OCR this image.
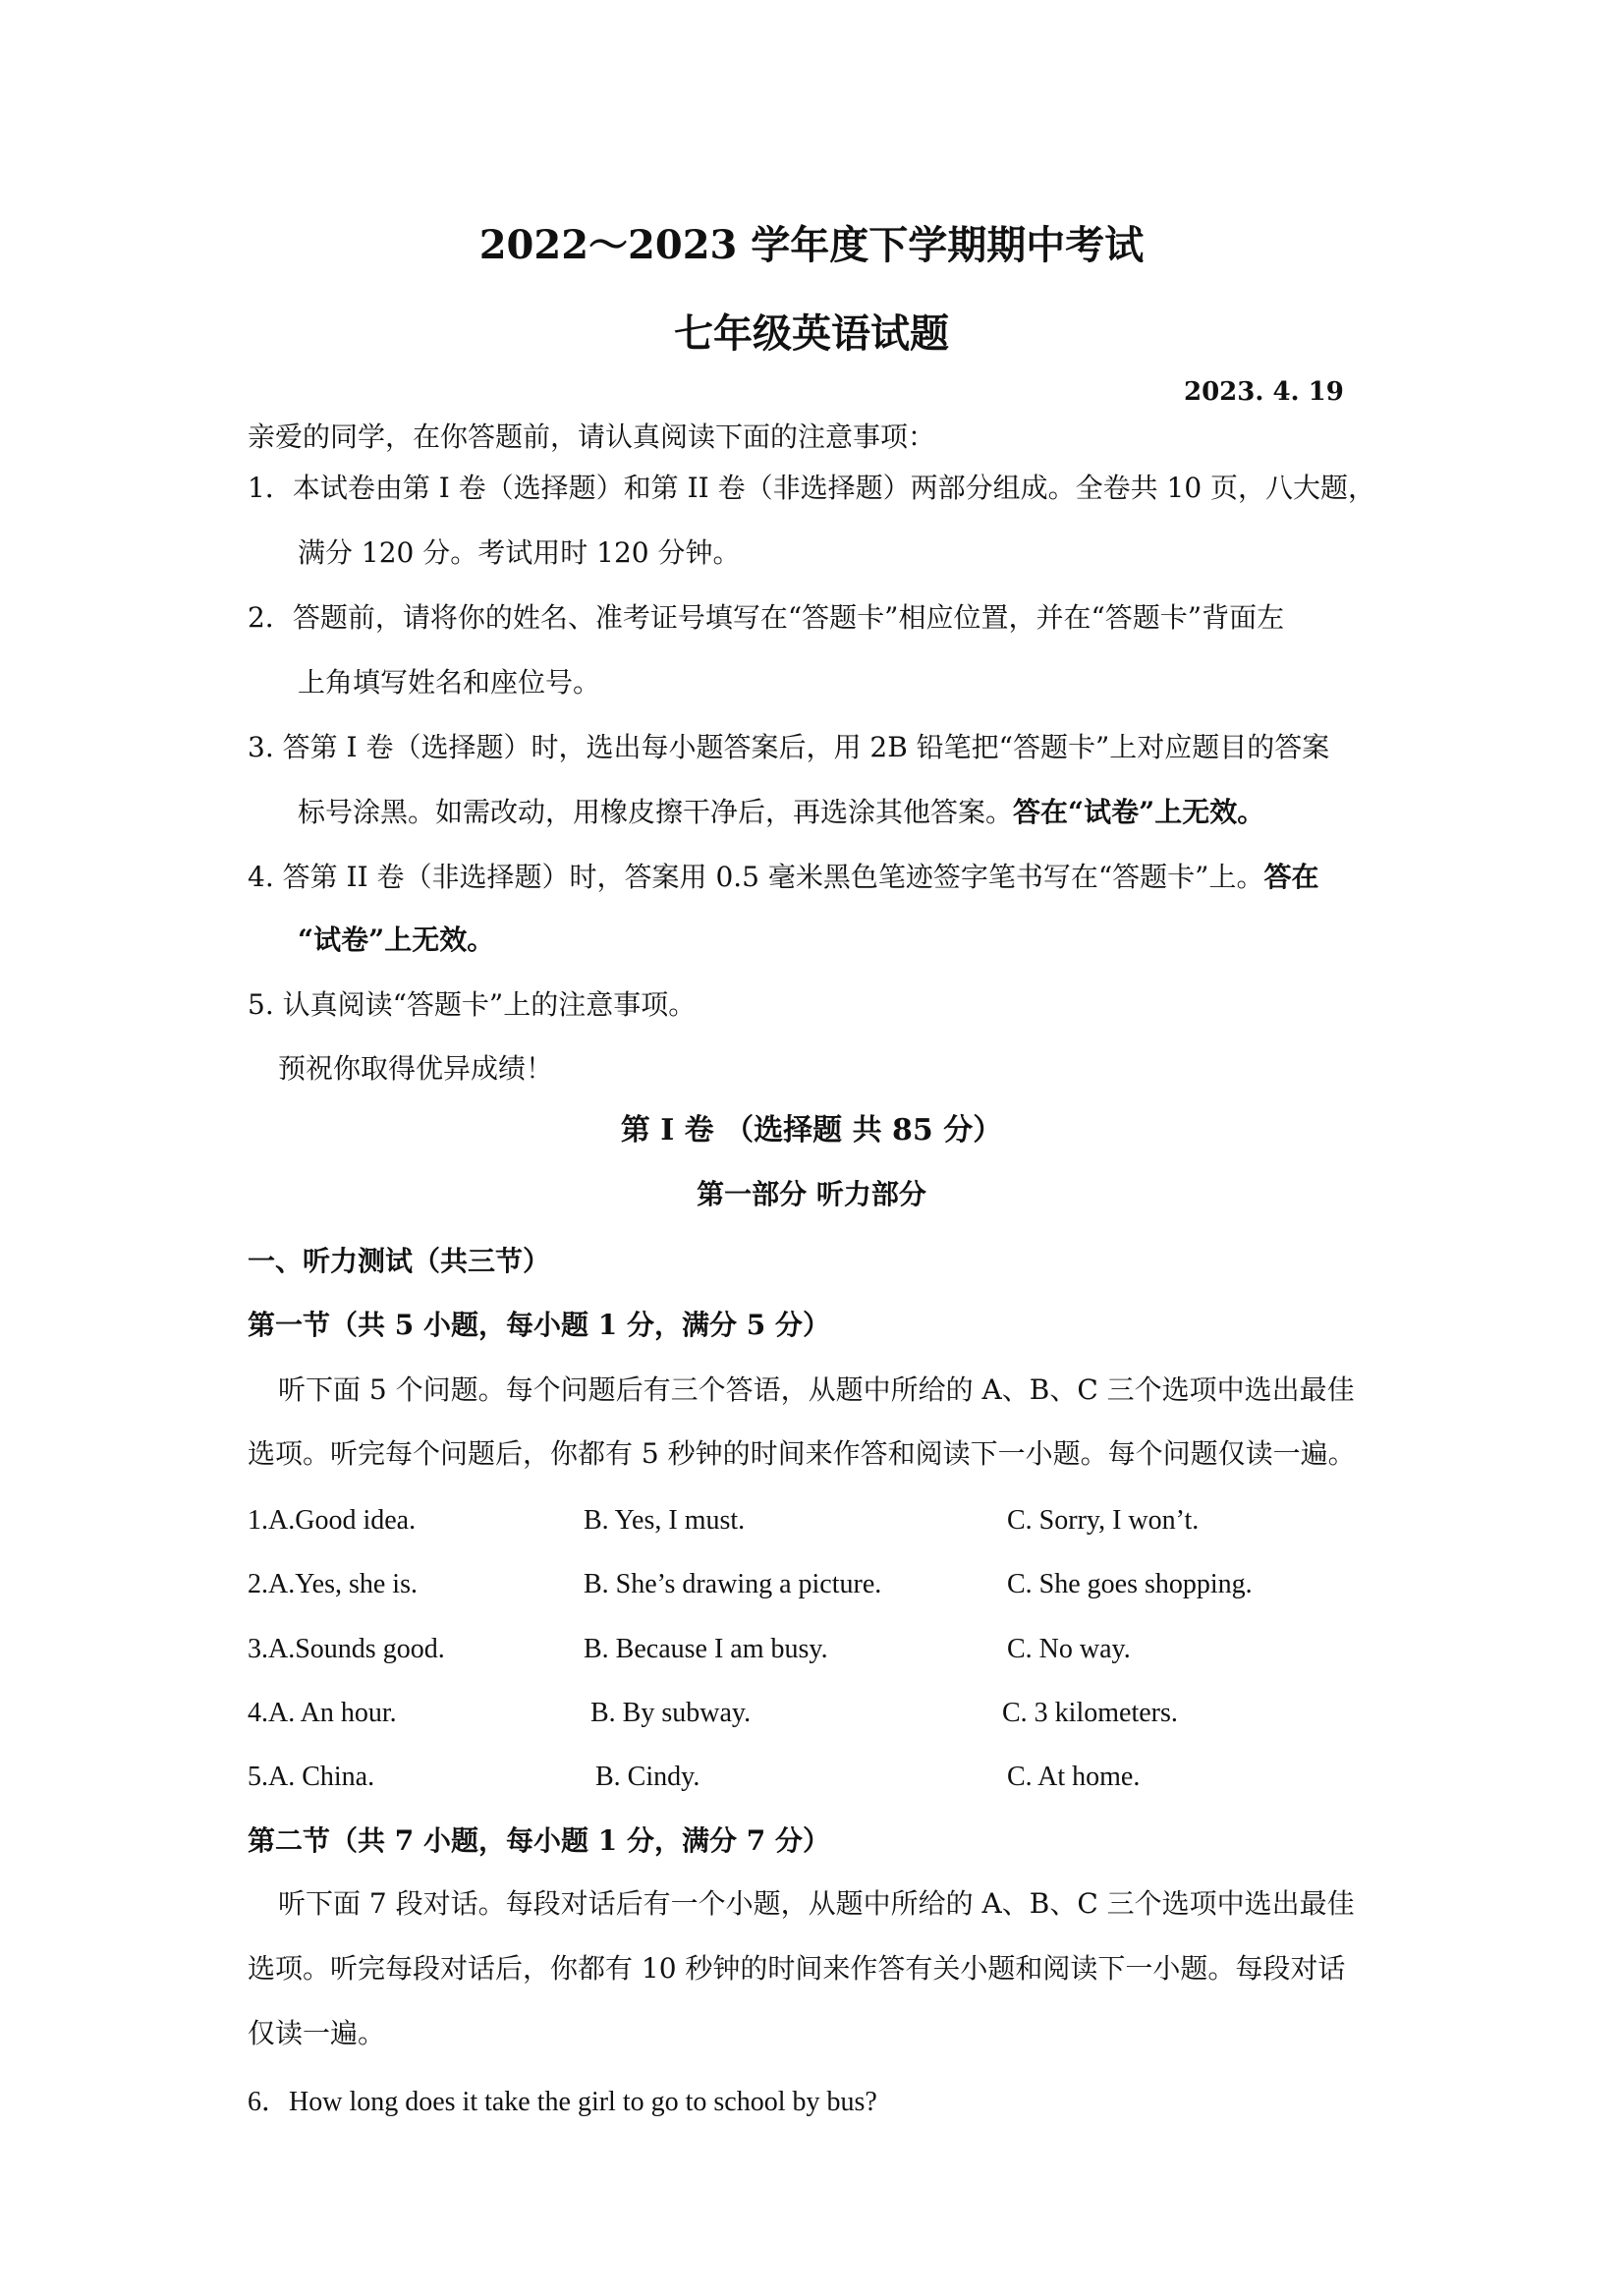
2022～2023 学年度下学期期中考试
七年级英语试题
2023. 4. 19
亲爱的同学，在你答题前，请认真阅读下面的注意事项：
1．本试卷由第 I 卷（选择题）和第 II 卷（非选择题）两部分组成。全卷共 10 页，八大题，
满分 120 分。考试用时 120 分钟。
2．答题前，请将你的姓名、准考证号填写在“答题卡”相应位置，并在“答题卡”背面左
上角填写姓名和座位号。
3. 答第 I 卷（选择题）时，选出每小题答案后，用 2B 铅笔把“答题卡”上对应题目的答案
标号涂黑。如需改动，用橡皮擦干净后，再选涂其他答案。答在“试卷”上无效。
4. 答第 II 卷（非选择题）时，答案用 0.5 毫米黑色笔迹签字笔书写在“答题卡”上。答在
“试卷”上无效。
5. 认真阅读“答题卡”上的注意事项。
预祝你取得优异成绩！
第 I 卷 （选择题 共 85 分）
第一部分 听力部分
一、听力测试（共三节）
第一节（共 5 小题，每小题 1 分，满分 5 分）
听下面 5 个问题。每个问题后有三个答语，从题中所给的 A、B、C 三个选项中选出最佳
选项。听完每个问题后，你都有 5 秒钟的时间来作答和阅读下一小题。每个问题仅读一遍。
1.A.Good idea.	B. Yes, I must.	C. Sorry, I won’t.
2.A.Yes, she is.	B. She’s drawing a picture.	C. She goes shopping.
3.A.Sounds good.	B. Because I am busy.	C. No way.
4.A. An hour.	B. By subway.	C. 3 kilometers.
5.A. China.	B. Cindy.	C. At home.
第二节（共 7 小题，每小题 1 分，满分 7 分）
听下面 7 段对话。每段对话后有一个小题，从题中所给的 A、B、C 三个选项中选出最佳
选项。听完每段对话后，你都有 10 秒钟的时间来作答有关小题和阅读下一小题。每段对话
仅读一遍。
6．How long does it take the girl to go to school by bus?
